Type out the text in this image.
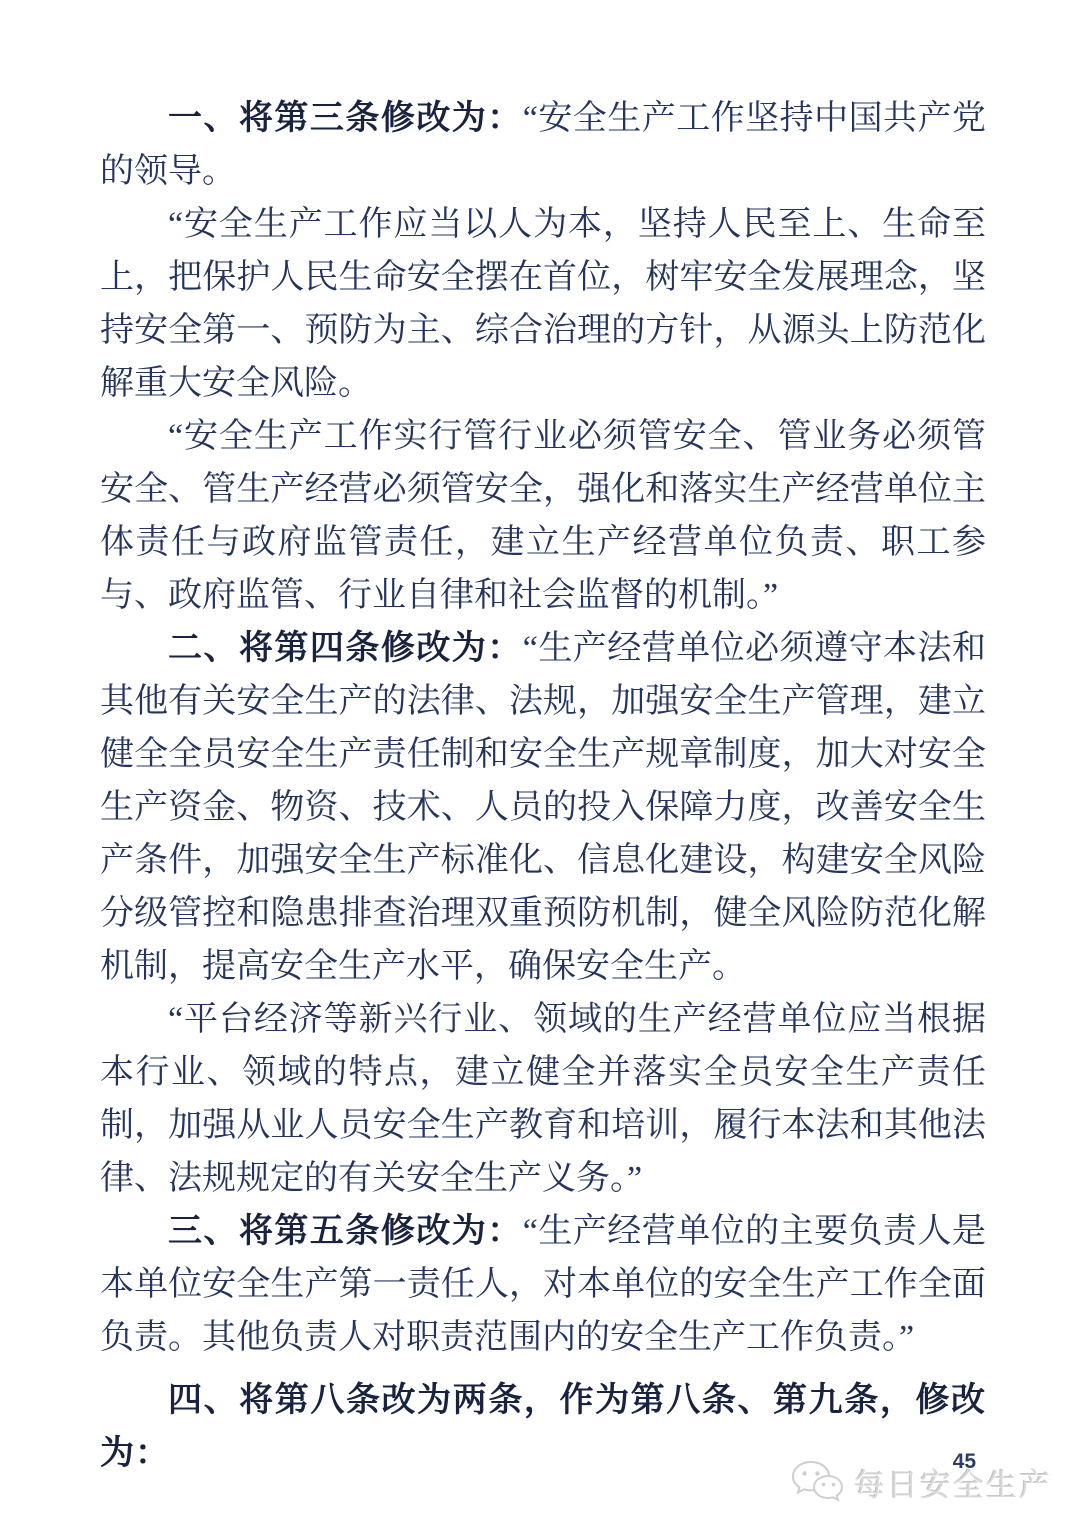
一、将第三条修改为：“安全生产工作坚持中国共产党的领导。

“安全生产工作应当以人为本，坚持人民至上、生命至上，把保护人民生命安全摆在首位，树牢安全发展理念，坚持安全第一、预防为主、综合治理的方针，从源头上防范化解重大安全风险。

“安全生产工作实行管行业必须管安全、管业务必须管安全、管生产经营必须管安全，强化和落实生产经营单位主体责任与政府监管责任，建立生产经营单位负责、职工参与、政府监管、行业自律和社会监督的机制。”

二、将第四条修改为：“生产经营单位必须遵守本法和其他有关安全生产的法律、法规，加强安全生产管理，建立健全全员安全生产责任制和安全生产规章制度，加大对安全生产资金、物资、技术、人员的投入保障力度，改善安全生产条件，加强安全生产标准化、信息化建设，构建安全风险分级管控和隐患排查治理双重预防机制，健全风险防范化解机制，提高安全生产水平，确保安全生产。

“平台经济等新兴行业、领域的生产经营单位应当根据本行业、领域的特点，建立健全并落实全员安全生产责任制，加强从业人员安全生产教育和培训，履行本法和其他法律、法规规定的有关安全生产义务。”

三、将第五条修改为：“生产经营单位的主要负责人是本单位安全生产第一责任人，对本单位的安全生产工作全面负责。其他负责人对职责范围内的安全生产工作负责。”

四、将第八条改为两条，作为第八条、第九条，修改为：	45
每日安全生产
